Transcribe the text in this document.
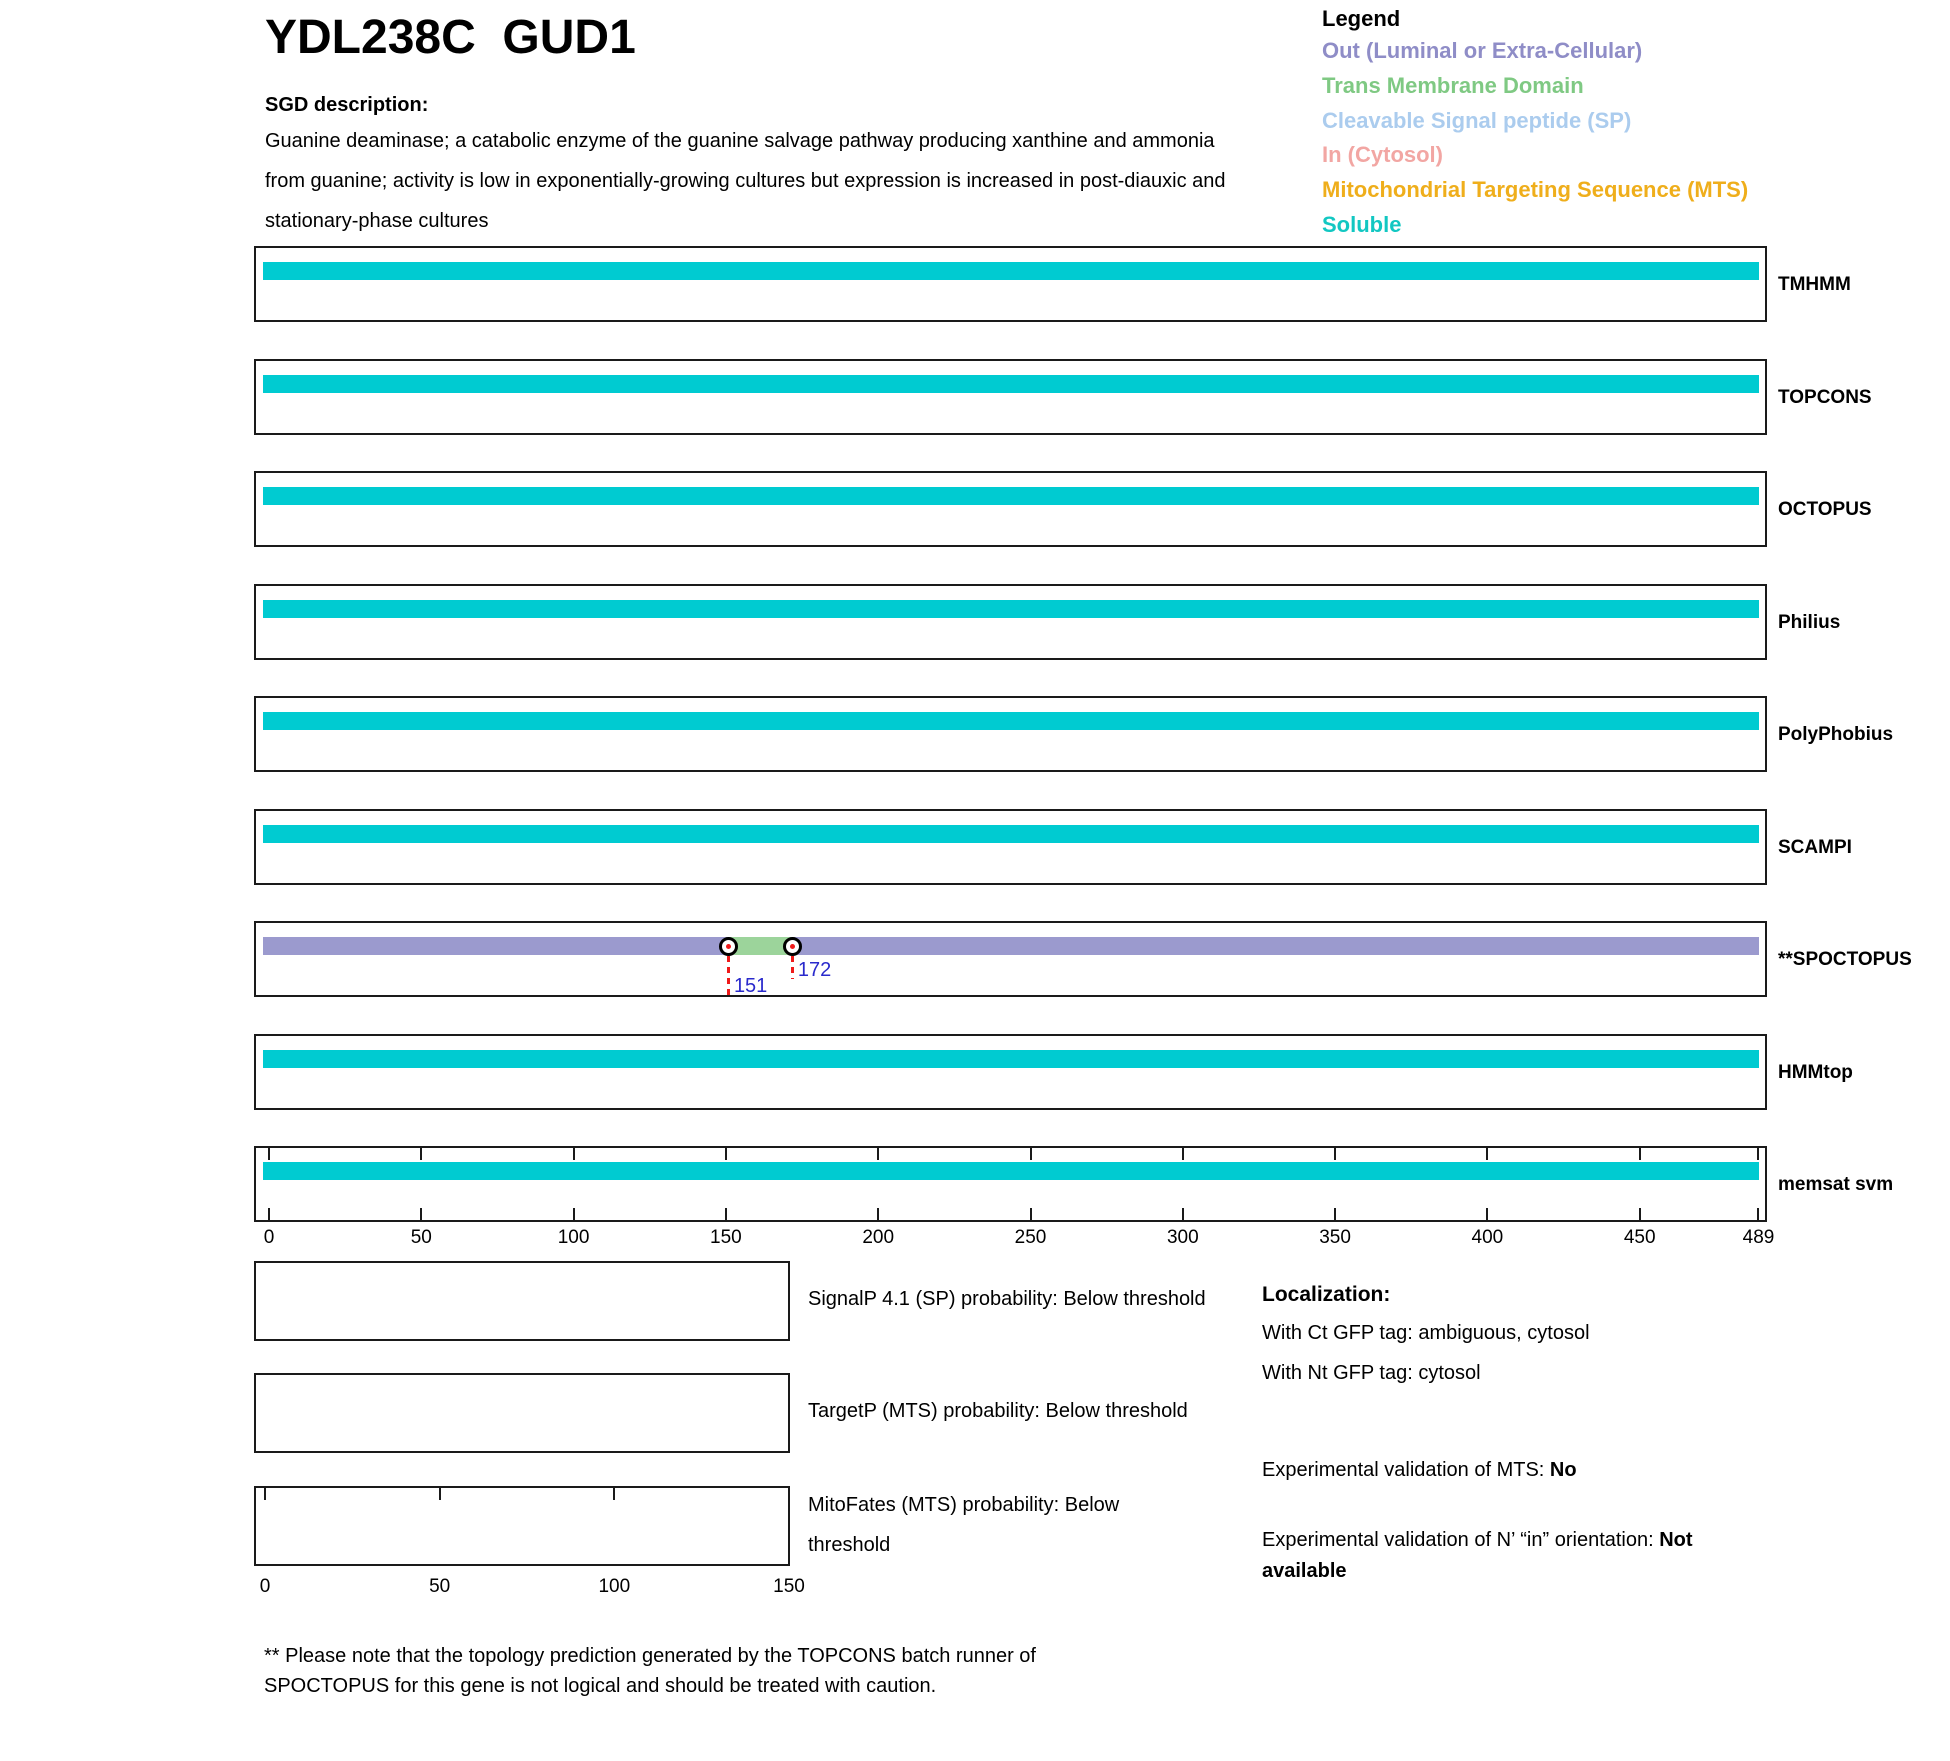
YDL238C  GUD1
SGD description:
Guanine deaminase; a catabolic enzyme of the guanine salvage pathway producing xanthine and ammonia
from guanine; activity is low in exponentially-growing cultures but expression is increased in post-diauxic and
stationary-phase cultures
Legend
Out (Luminal or Extra-Cellular)
Trans Membrane Domain
Cleavable Signal peptide (SP)
In (Cytosol)
Mitochondrial Targeting Sequence (MTS)
Soluble
TMHMM
TOPCONS
OCTOPUS
Philius
PolyPhobius
SCAMPI
151
172	**SPOCTOPUS
HMMtop
memsat svm
0	50	100	150	200	250	300	350	400	450	489
SignalP 4.1 (SP) probability: Below threshold
TargetP (MTS) probability: Below threshold
0	50	100	150
MitoFates (MTS) probability: Below
threshold
Localization:
With Ct GFP tag: ambiguous, cytosol
With Nt GFP tag: cytosol
Experimental validation of MTS: No
Experimental validation of N’ “in” orientation: Not
available
** Please note that the topology prediction generated by the TOPCONS batch runner of
SPOCTOPUS for this gene is not logical and should be treated with caution.
